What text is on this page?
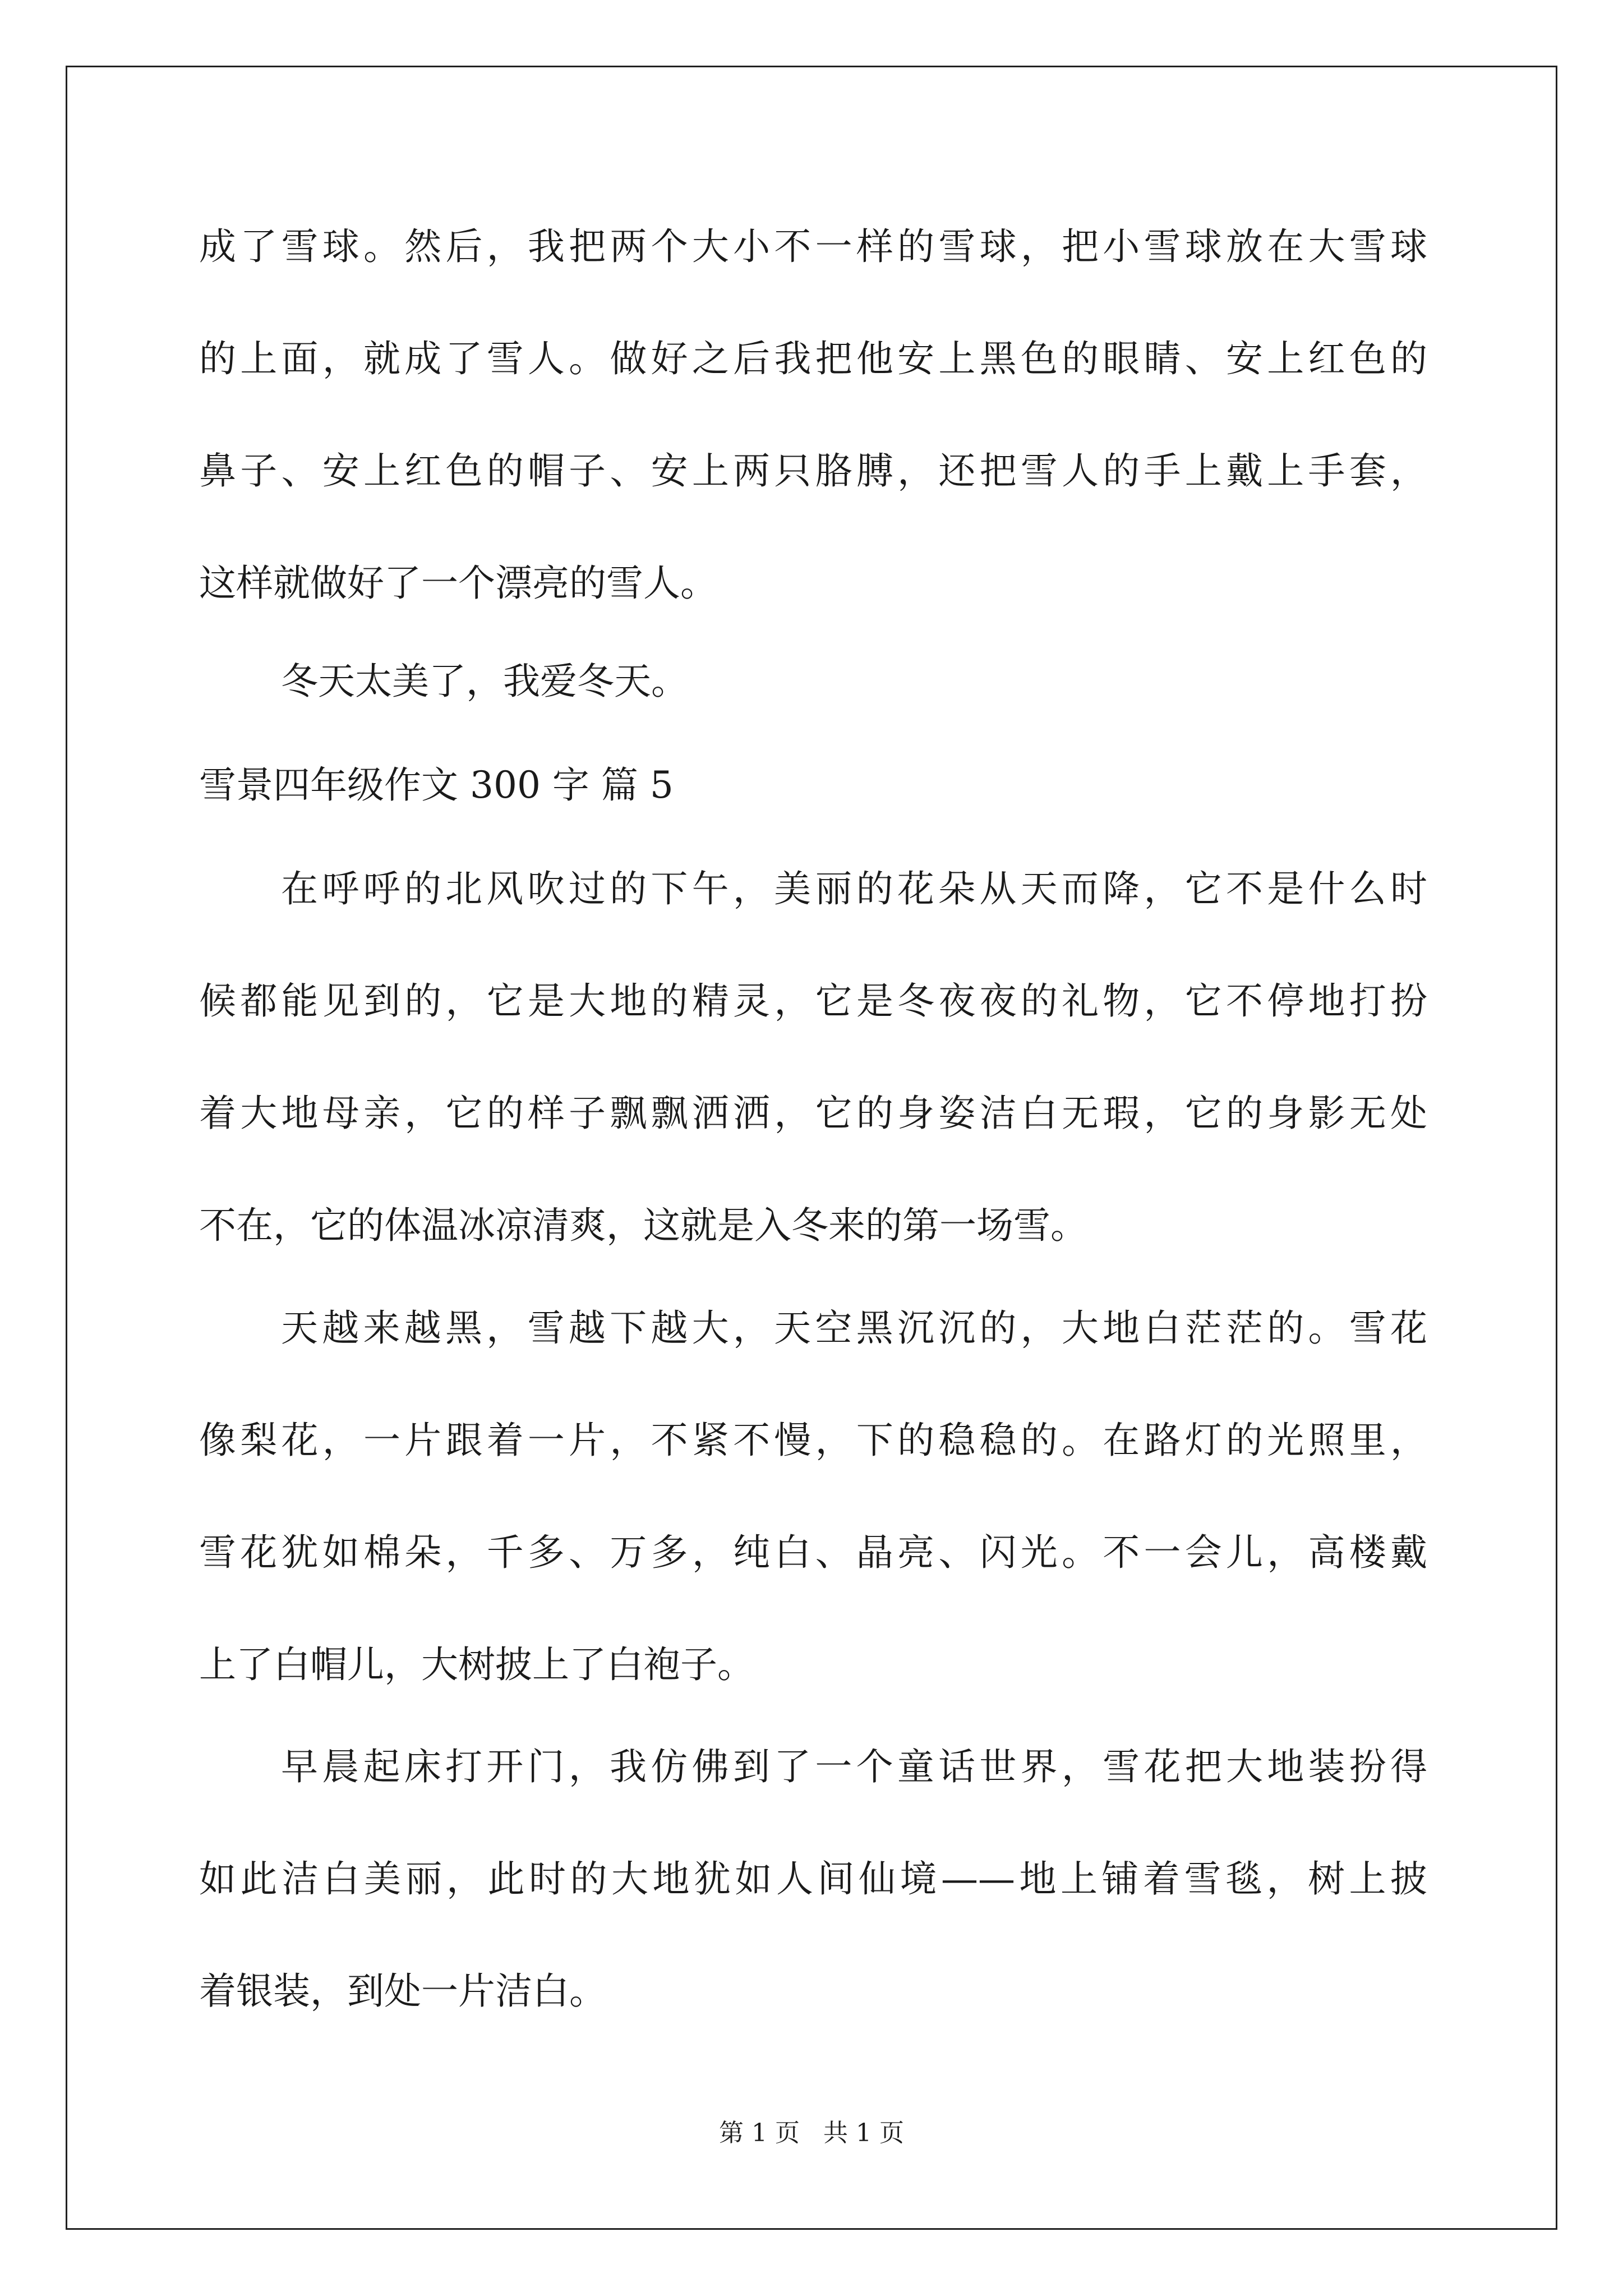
成了雪球。然后，我把两个大小不一样的雪球，把小雪球放在大雪球
的上面，就成了雪人。做好之后我把他安上黑色的眼睛、安上红色的
鼻子、安上红色的帽子、安上两只胳膊，还把雪人的手上戴上手套，
这样就做好了一个漂亮的雪人。
冬天太美了，我爱冬天。
雪景四年级作文 300 字 篇 5
在呼呼的北风吹过的下午，美丽的花朵从天而降，它不是什么时
候都能见到的，它是大地的精灵，它是冬夜夜的礼物，它不停地打扮
着大地母亲，它的样子飘飘洒洒，它的身姿洁白无瑕，它的身影无处
不在，它的体温冰凉清爽，这就是入冬来的第一场雪。
天越来越黑，雪越下越大，天空黑沉沉的，大地白茫茫的。雪花
像梨花，一片跟着一片，不紧不慢，下的稳稳的。在路灯的光照里，
雪花犹如棉朵，千多、万多，纯白、晶亮、闪光。不一会儿，高楼戴
上了白帽儿，大树披上了白袍子。
早晨起床打开门，我仿佛到了一个童话世界，雪花把大地装扮得
如此洁白美丽，此时的大地犹如人间仙境——地上铺着雪毯，树上披
着银装，到处一片洁白。
第 1 页   共 1 页
